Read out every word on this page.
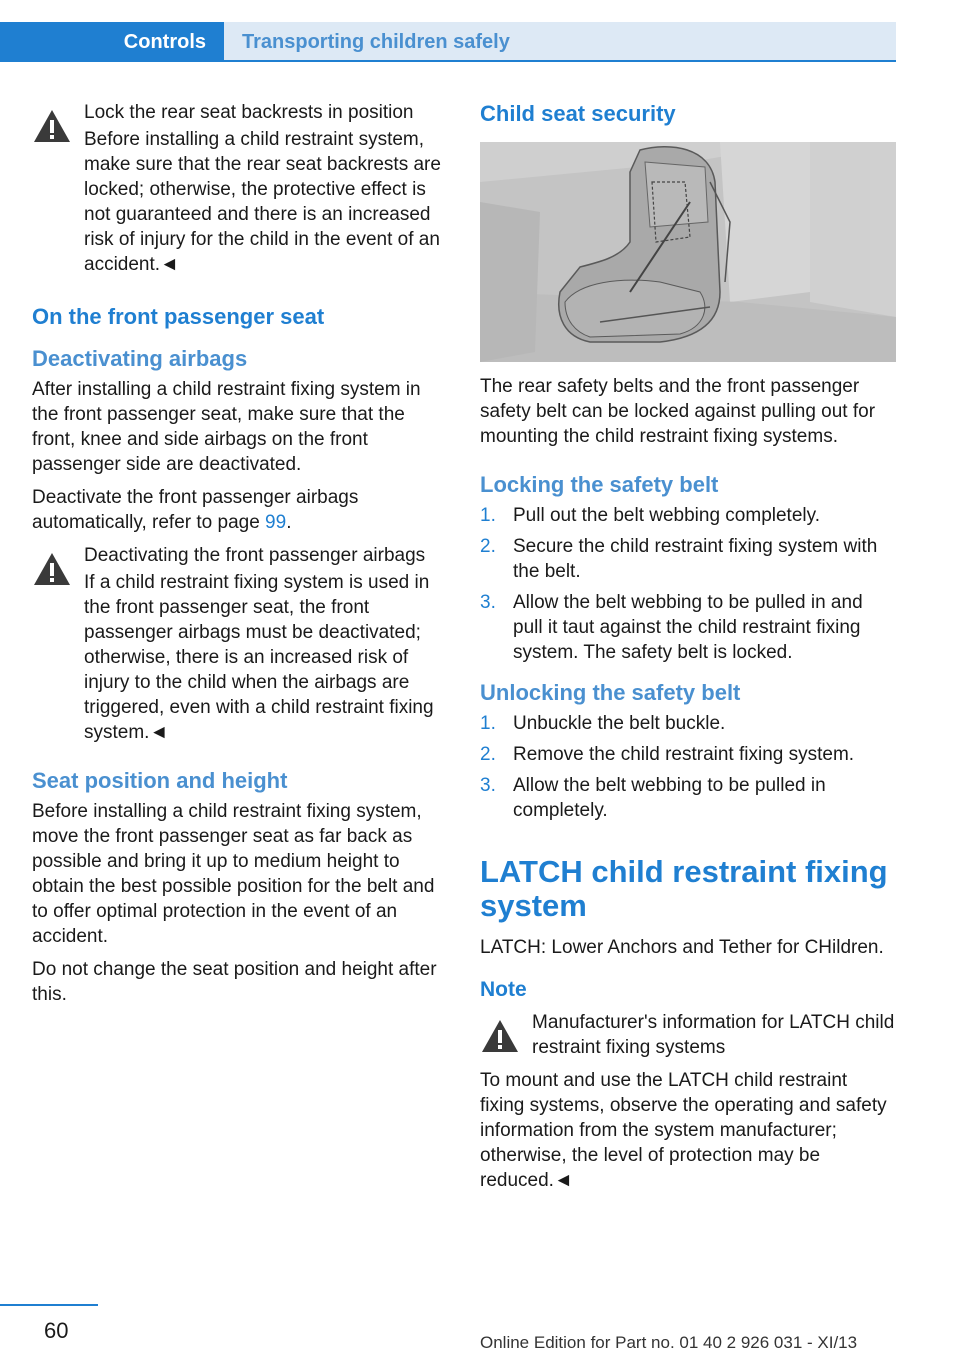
Controls	Transporting children safely
Lock the rear seat backrests in position

Before installing a child restraint system, make sure that the rear seat backrests are locked; otherwise, the protective effect is not guaranteed and there is an increased risk of injury for the child in the event of an accident.◄

On the front passenger seat
Deactivating airbags

After installing a child restraint fixing system in the front passenger seat, make sure that the front, knee and side airbags on the front passenger side are deactivated.

Deactivate the front passenger airbags automatically, refer to page 99.

Deactivating the front passenger airbags

If a child restraint fixing system is used in the front passenger seat, the front passenger airbags must be deactivated; otherwise, there is an increased risk of injury to the child when the airbags are triggered, even with a child restraint fixing system.◄

Seat position and height

Before installing a child restraint fixing system, move the front passenger seat as far back as possible and bring it up to medium height to obtain the best possible position for the belt and to offer optimal protection in the event of an accident.

Do not change the seat position and height after this.

Child seat security

The rear safety belts and the front passenger safety belt can be locked against pulling out for mounting the child restraint fixing systems.

Locking the safety belt
1. Pull out the belt webbing completely.
2. Secure the child restraint fixing system with the belt.
3. Allow the belt webbing to be pulled in and pull it taut against the child restraint fixing system. The safety belt is locked.
Unlocking the safety belt
1. Unbuckle the belt buckle.
2. Remove the child restraint fixing system.
3. Allow the belt webbing to be pulled in completely.
LATCH child restraint fixing system

LATCH: Lower Anchors and Tether for CHildren.

Note

Manufacturer's information for LATCH child restraint fixing systems

To mount and use the LATCH child restraint fixing systems, observe the operating and safety information from the system manufacturer; otherwise, the level of protection may be reduced.◄

60	Online Edition for Part no. 01 40 2 926 031 - XI/13
